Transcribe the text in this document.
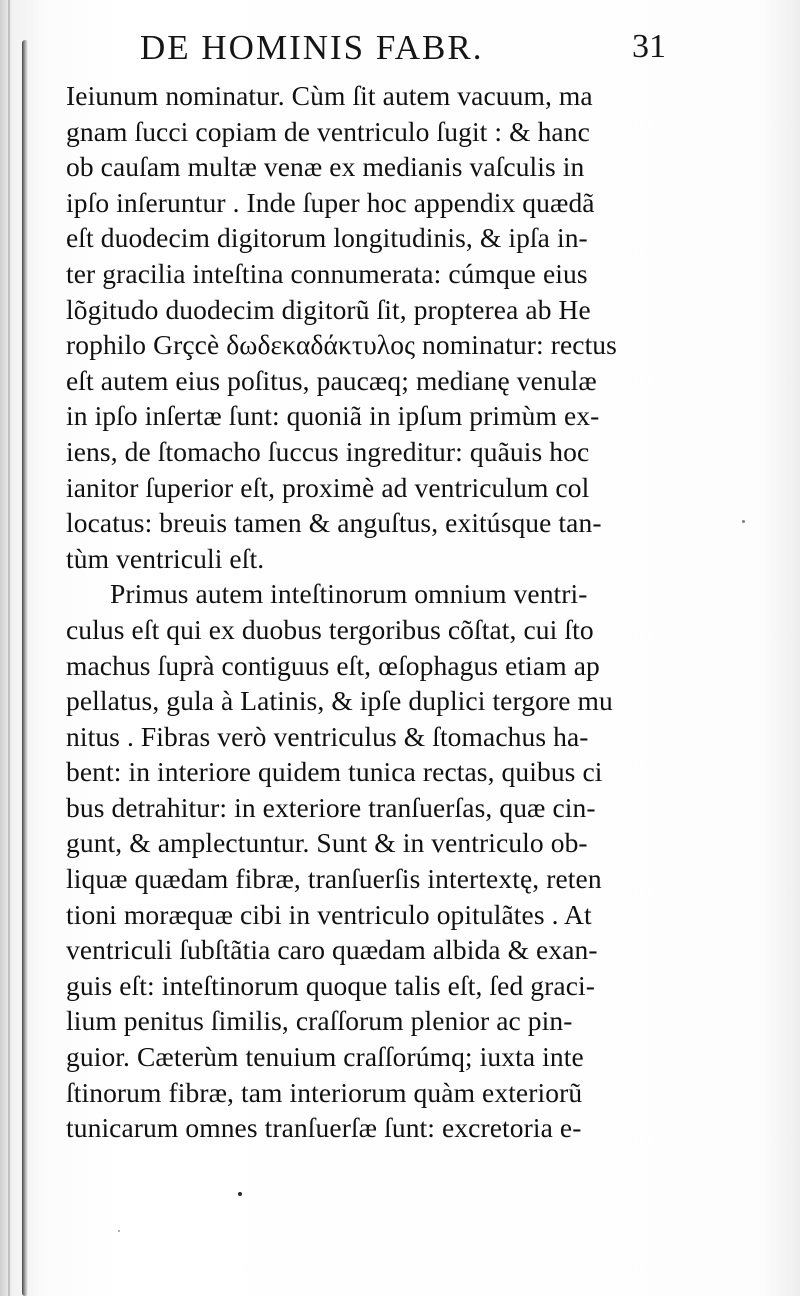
DE HOMINIS FABR.	31
Ieiunum nominatur. Cùm ſit autem vacuum, ma
gnam ſucci copiam de ventriculo ſugit : & hanc
ob cauſam multæ venæ ex medianis vaſculis in
ipſo inſeruntur . Inde ſuper hoc appendix quædã
eſt duodecim digitorum longitudinis, & ipſa in-
ter gracilia inteſtina connumerata: cúmque eius
lõgitudo duodecim digitorũ ſit, propterea ab He
rophilo Grçcè δωδεκαδάκτυλος nominatur: rectus
eſt autem eius poſitus, paucæq; medianę venulæ
in ipſo inſertæ ſunt: quoniã in ipſum primùm ex-
iens, de ſtomacho ſuccus ingreditur: quãuis hoc
ianitor ſuperior eſt, proximè ad ventriculum col
locatus: breuis tamen & anguſtus, exitúsque tan-
tùm ventriculi eſt.
Primus autem inteſtinorum omnium ventri-
culus eſt qui ex duobus tergoribus cõſtat, cui ſto
machus ſuprà contiguus eſt, œſophagus etiam ap
pellatus, gula à Latinis, & ipſe duplici tergore mu
nitus . Fibras verò ventriculus & ſtomachus ha-
bent: in interiore quidem tunica rectas, quibus ci
bus detrahitur: in exteriore tranſuerſas, quæ cin-
gunt, & amplectuntur. Sunt & in ventriculo ob-
liquæ quædam fibræ, tranſuerſis intertextę, reten
tioni moræquæ cibi in ventriculo opitulãtes . At
ventriculi ſubſtãtia caro quædam albida & exan-
guis eſt: inteſtinorum quoque talis eſt, ſed graci-
lium penitus ſimilis, craſſorum plenior ac pin-
guior. Cæterùm tenuium craſſorúmq; iuxta inte
ſtinorum fibræ, tam interiorum quàm exteriorũ
tunicarum omnes tranſuerſæ ſunt: excretoria e-
